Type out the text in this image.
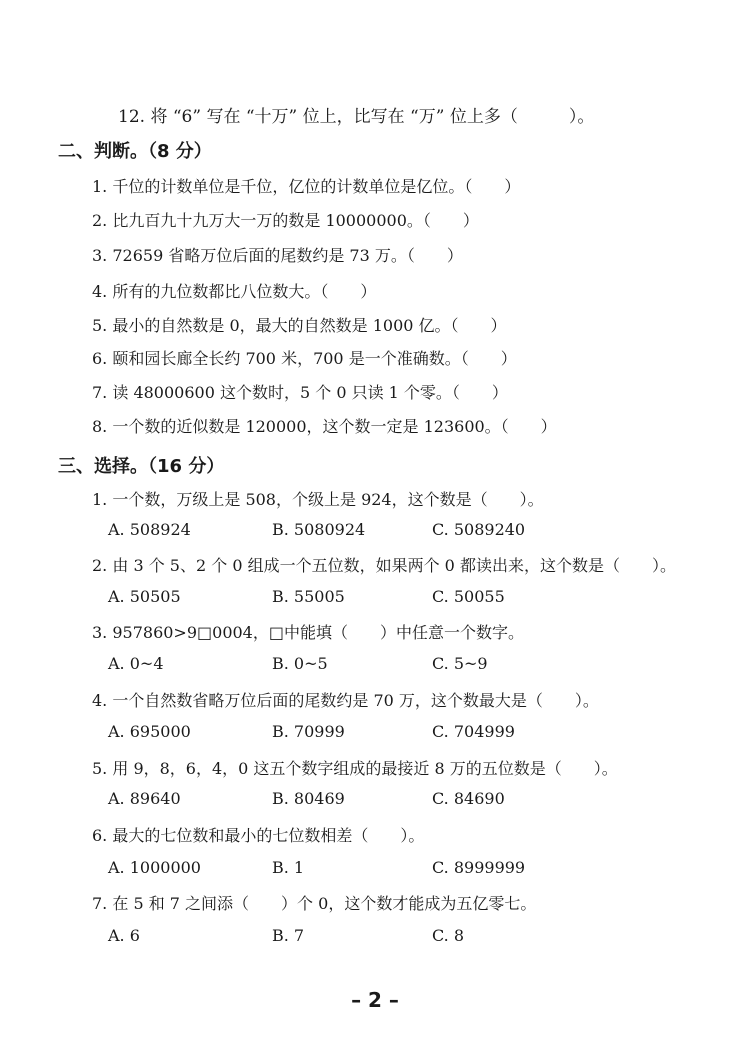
12. 将 “6” 写在 “十万” 位上，比写在 “万” 位上多（　　　）。
二、判断。（8 分）
1. 千位的计数单位是千位，亿位的计数单位是亿位。（　　）
2. 比九百九十九万大一万的数是 10000000。（　　）
3. 72659 省略万位后面的尾数约是 73 万。（　　）
4. 所有的九位数都比八位数大。（　　）
5. 最小的自然数是 0，最大的自然数是 1000 亿。（　　）
6. 颐和园长廊全长约 700 米，700 是一个准确数。（　　）
7. 读 48000600 这个数时，5 个 0 只读 1 个零。（　　）
8. 一个数的近似数是 120000，这个数一定是 123600。（　　）
三、选择。（16 分）
1. 一个数，万级上是 508，个级上是 924，这个数是（　　）。
A. 508924	B. 5080924	C. 5089240
2. 由 3 个 5、2 个 0 组成一个五位数，如果两个 0 都读出来，这个数是（　　）。
A. 50505	B. 55005	C. 50055
3. 957860>9□0004，□中能填（　　）中任意一个数字。
A. 0~4	B. 0~5	C. 5~9
4. 一个自然数省略万位后面的尾数约是 70 万，这个数最大是（　　）。
A. 695000	B. 70999	C. 704999
5. 用 9，8，6，4，0 这五个数字组成的最接近 8 万的五位数是（　　）。
A. 89640	B. 80469	C. 84690
6. 最大的七位数和最小的七位数相差（　　）。
A. 1000000	B. 1	C. 8999999
7. 在 5 和 7 之间添（　　）个 0，这个数才能成为五亿零七。
A. 6	B. 7	C. 8
– 2 –
